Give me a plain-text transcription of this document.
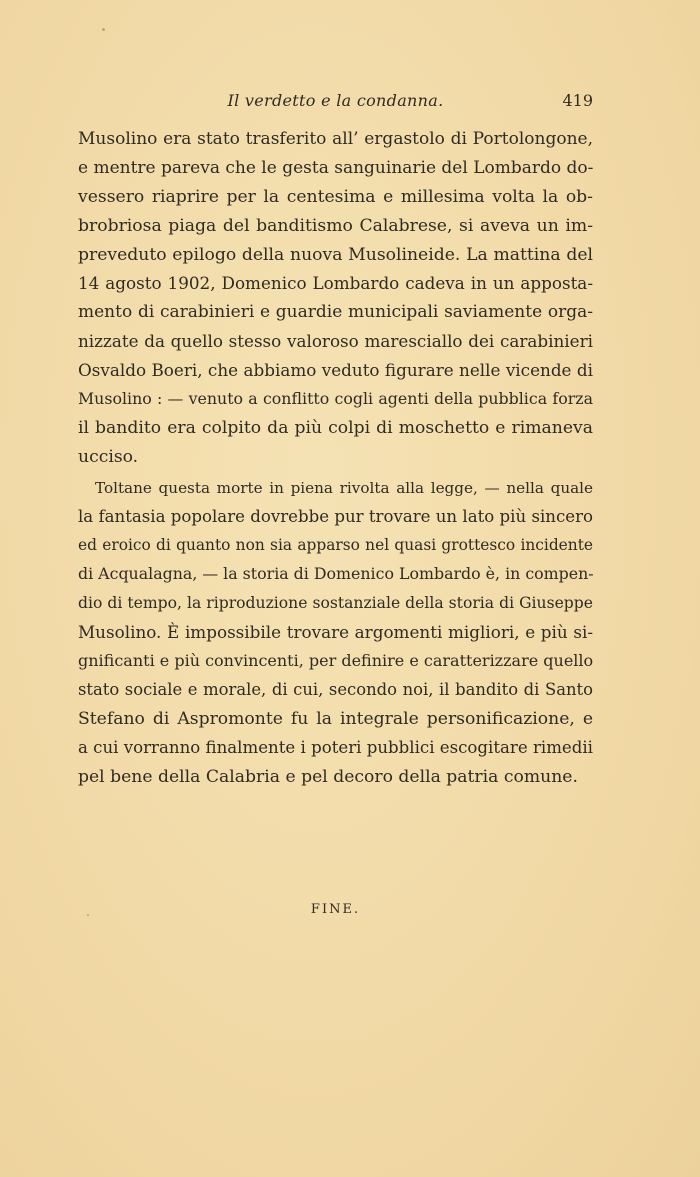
Il verdetto e la condanna.	419
Musolino era stato trasferito all’ ergastolo di Portolongone,
e mentre pareva che le gesta sanguinarie del Lombardo do-
vessero riaprire per la centesima e millesima volta la ob-
brobriosa piaga del banditismo Calabrese, si aveva un im-
preveduto epilogo della nuova Musolineide. La mattina del
14 agosto 1902, Domenico Lombardo cadeva in un apposta-
mento di carabinieri e guardie municipali saviamente orga-
nizzate da quello stesso valoroso maresciallo dei carabinieri
Osvaldo Boeri, che abbiamo veduto figurare nelle vicende di
Musolino : — venuto a conflitto cogli agenti della pubblica forza
il bandito era colpito da più colpi di moschetto e rimaneva
ucciso.
Toltane questa morte in piena rivolta alla legge, — nella quale
la fantasia popolare dovrebbe pur trovare un lato più sincero
ed eroico di quanto non sia apparso nel quasi grottesco incidente
di Acqualagna, — la storia di Domenico Lombardo è, in compen-
dio di tempo, la riproduzione sostanziale della storia di Giuseppe
Musolino. È impossibile trovare argomenti migliori, e più si-
gnificanti e più convincenti, per definire e caratterizzare quello
stato sociale e morale, di cui, secondo noi, il bandito di Santo
Stefano di Aspromonte fu la integrale personificazione, e
a cui vorranno finalmente i poteri pubblici escogitare rimedii
pel bene della Calabria e pel decoro della patria comune.
FINE.
